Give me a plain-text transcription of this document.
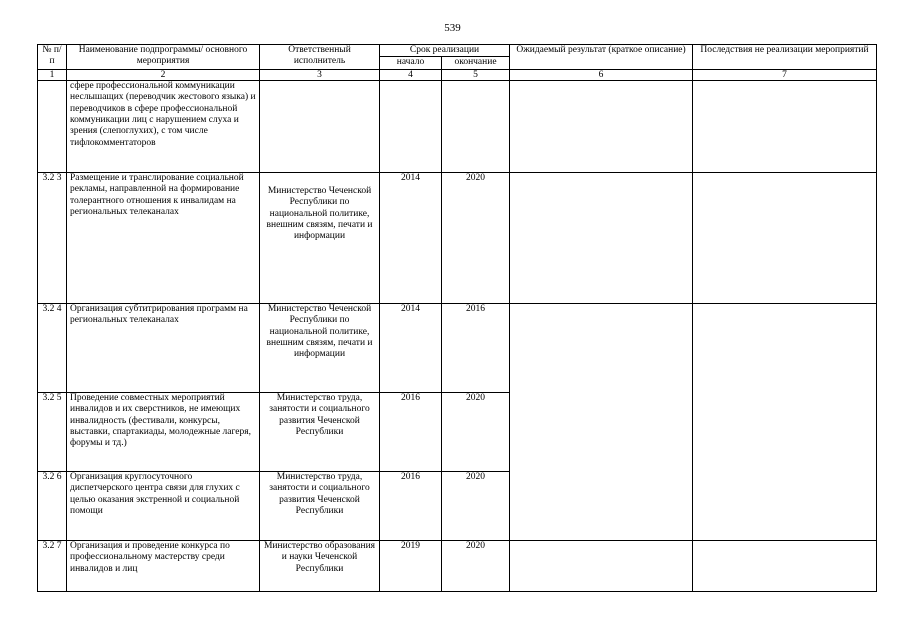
539
№ п/п	Наименование подпрограммы/ основного мероприятия	Ответственный исполнитель	Срок реализации		Ожидаемый результат (краткое описание)	Последствия не реализации мероприятий
			начало	окончание		
1	2	3	4	5	6	7
	сфере профессиональной коммуникации неслышащих (переводчик жестового языка) и переводчиков в сфере профессиональной коммуникации лиц с нарушением слуха и зрения (слепоглухих), с том числе тифлокомментаторов					
3.2 3	Размещение и транслирование социальной рекламы, направленной на формирование толерантного отношения к инвалидам на региональных телеканалах	Министерство Чеченской Республики по национальной политике, внешним связям, печати и информации	2014	2020		
3.2 4	Организация субтитрирования программ на региональных телеканалах	Министерство Чеченской Республики по национальной политике, внешним связям, печати и информации	2014	2016		
3.2 5	Проведение совместных мероприятий инвалидов и их сверстников, не имеющих инвалидность (фестивали, конкурсы, выставки, спартакиады, молодежные лагеря, форумы и тд.)	Министерство труда, занятости и социального развития Чеченской Республики	2016	2020		
3.2 6	Организация круглосуточного диспетчерского центра связи для глухих с целью оказания экстренной и социальной помощи	Министерство труда, занятости и социального развития Чеченской Республики	2016	2020		
3.2 7	Организация и проведение конкурса по профессиональному мастерству среди инвалидов и лиц	Министерство образования и науки Чеченской Республики	2019	2020		
